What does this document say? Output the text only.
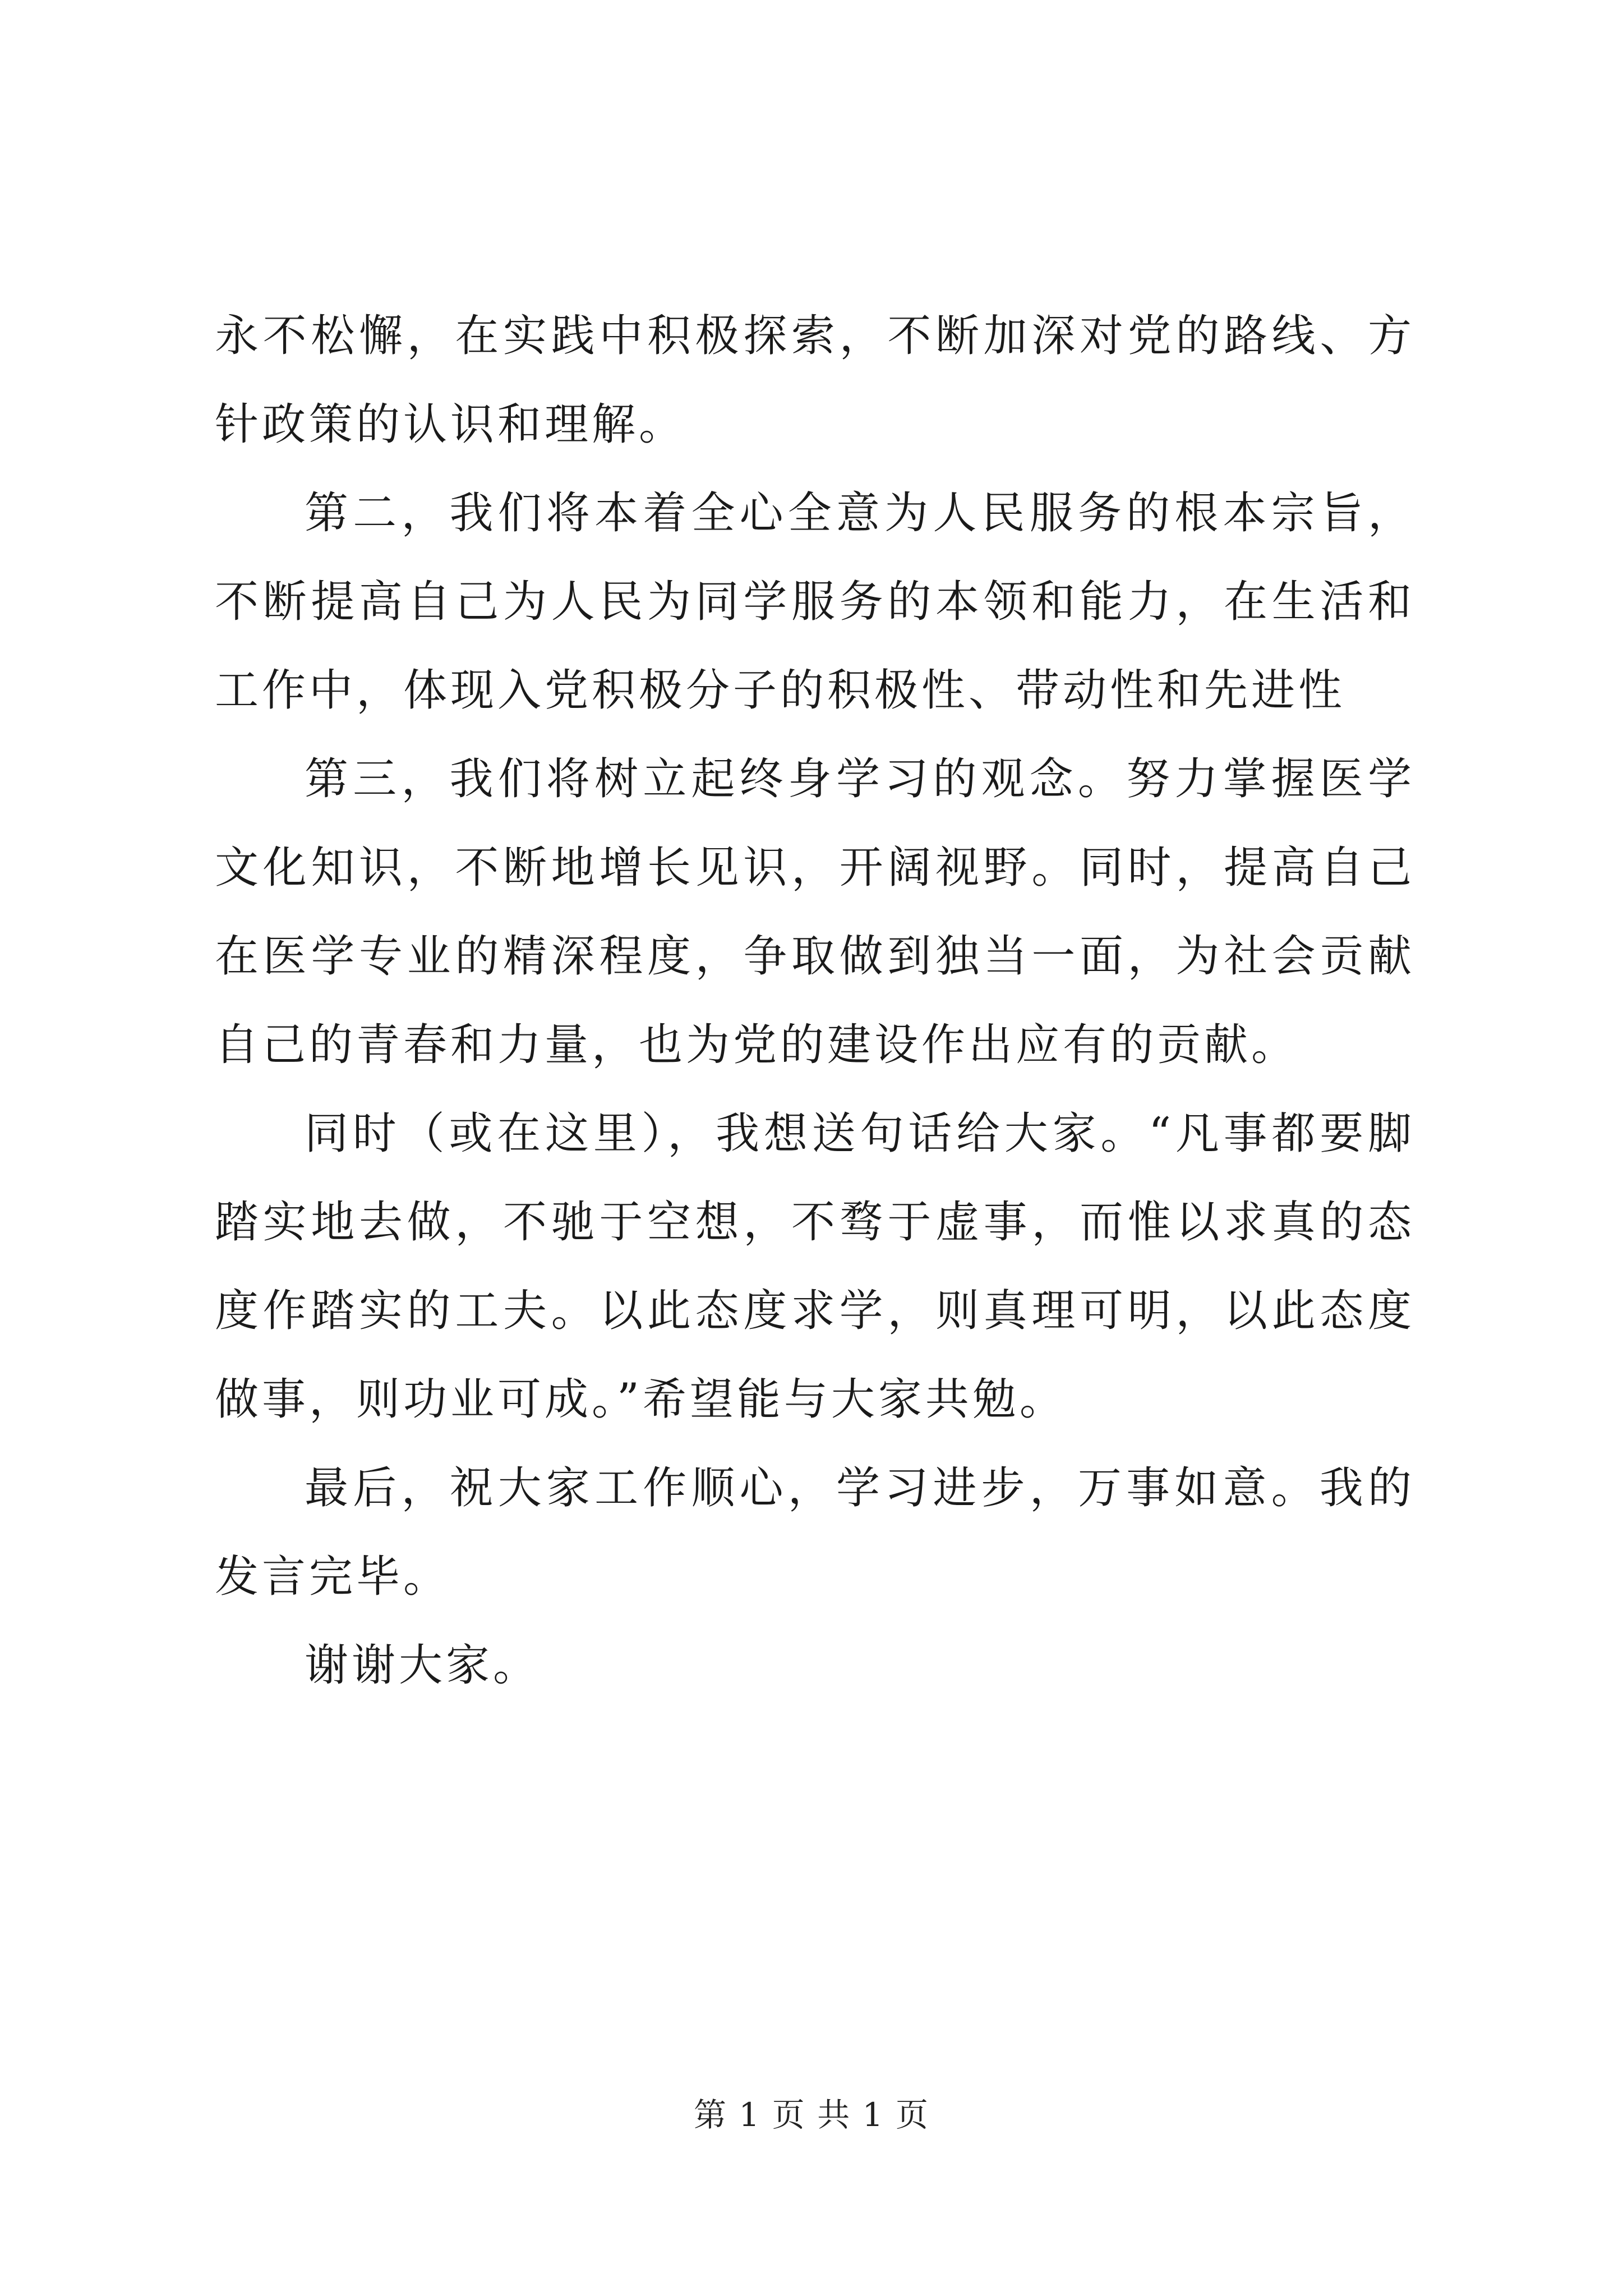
永不松懈，在实践中积极探索，不断加深对党的路线、方针政策的认识和理解。

第二，我们将本着全心全意为人民服务的根本宗旨，不断提高自己为人民为同学服务的本领和能力，在生活和工作中，体现入党积极分子的积极性、带动性和先进性

第三，我们将树立起终身学习的观念。努力掌握医学文化知识，不断地增长见识，开阔视野。同时，提高自己在医学专业的精深程度，争取做到独当一面，为社会贡献自己的青春和力量，也为党的建设作出应有的贡献。

同时（或在这里），我想送句话给大家。“凡事都要脚踏实地去做，不驰于空想，不骛于虚事，而惟以求真的态度作踏实的工夫。以此态度求学，则真理可明，以此态度做事，则功业可成。”希望能与大家共勉。

最后，祝大家工作顺心，学习进步，万事如意。我的发言完毕。

谢谢大家。

第 1 页 共 1 页
